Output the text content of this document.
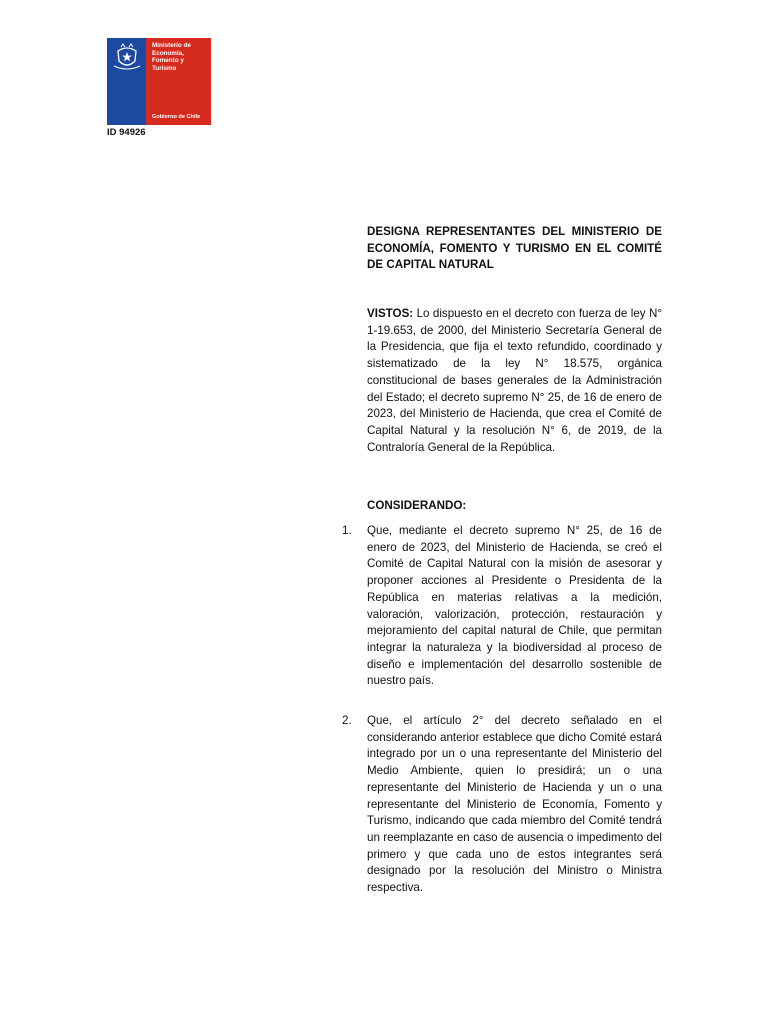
Ministerio de
Economía,
Fomento y
Turismo
Gobierno de Chile
ID 94926
DESIGNA REPRESENTANTES DEL MINISTERIO DE ECONOMÍA, FOMENTO Y TURISMO EN EL COMITÉ DE CAPITAL NATURAL
VISTOS: Lo dispuesto en el decreto con fuerza de ley N° 1-19.653, de 2000, del Ministerio Secretaría General de la Presidencia, que fija el texto refundido, coordinado y sistematizado de la ley N° 18.575, orgánica constitucional de bases generales de la Administración del Estado; el decreto supremo N° 25, de 16 de enero de 2023, del Ministerio de Hacienda, que crea el Comité de Capital Natural y la resolución N° 6, de 2019, de la Contraloría General de la República.
CONSIDERANDO:
1. Que, mediante el decreto supremo N° 25, de 16 de enero de 2023, del Ministerio de Hacienda, se creó el Comité de Capital Natural con la misión de asesorar y proponer acciones al Presidente o Presidenta de la República en materias relativas a la medición, valoración, valorización, protección, restauración y mejoramiento del capital natural de Chile, que permitan integrar la naturaleza y la biodiversidad al proceso de diseño e implementación del desarrollo sostenible de nuestro país.
2. Que, el artículo 2° del decreto señalado en el considerando anterior establece que dicho Comité estará integrado por un o una representante del Ministerio del Medio Ambiente, quien lo presidirá; un o una representante del Ministerio de Hacienda y un o una representante del Ministerio de Economía, Fomento y Turismo, indicando que cada miembro del Comité tendrá un reemplazante en caso de ausencia o impedimento del primero y que cada uno de estos integrantes será designado por la resolución del Ministro o Ministra respectiva.
